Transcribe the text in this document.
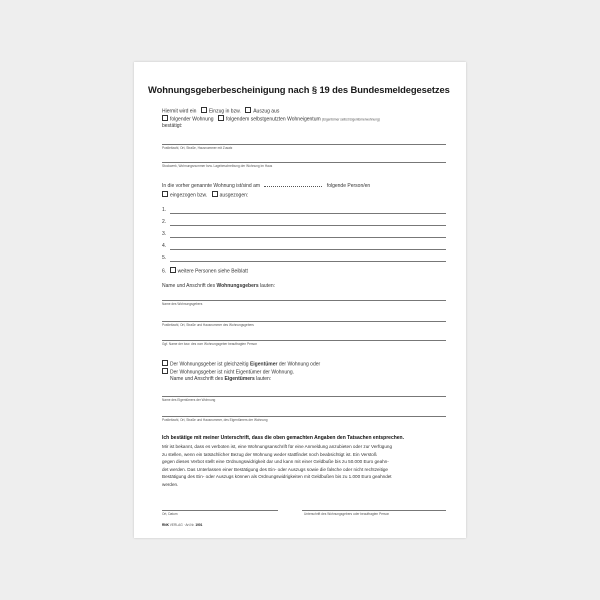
Wohnungsgeberbescheinigung nach § 19 des Bundesmeldegesetzes
Hiermit wird ein Einzug in bzw. Auszug aus
folgender Wohnung folgendem selbstgenutzten Wohneigentum (Eigentümer selbst Eigentümerwohnung)
bestätigt:
Postleitzahl, Ort, Straße, Hausnummer mit Zusatz
Stockwerk, Wohnungsnummer bzw. Lagebeschreibung der Wohnung im Haus
In die vorher genannte Wohnung ist/sind am	folgende Person/en
eingezogen bzw. ausgezogen:
1.
2.
3.
4.
5.
6. weitere Personen siehe Beiblatt
Name und Anschrift des Wohnungsgebers lauten:
Name des Wohnungsgebers
Postleitzahl, Ort, Straße und Hausnummer des Wohnungsgebers
Ggf. Name der bzw. des vom Wohnungsgeber beauftragten Person
Der Wohnungsgeber ist gleichzeitig Eigentümer der Wohnung oder
Der Wohnungsgeber ist nicht Eigentümer der Wohnung.
Name und Anschrift des Eigentümers lauten:
Name des Eigentümers der Wohnung
Postleitzahl, Ort, Straße und Hausnummer, des Eigentümers der Wohnung
Ich bestätige mit meiner Unterschrift, dass die oben gemachten Angaben den Tatsachen entsprechen.
Mir ist bekannt, dass es verboten ist, eine Wohnungsanschrift für eine Anmeldung anzubieten oder zur Verfügung
zu stellen, wenn ein tatsächlicher Bezug der Wohnung weder stattfindet noch beabsichtigt ist. Ein Verstoß
gegen dieses Verbot stellt eine Ordnungswidrigkeit dar und kann mit einer Geldbuße bis zu 50.000 Euro geahn-
det werden. Das Unterlassen einer Bestätigung des Ein- oder Auszugs sowie die falsche oder nicht rechtzeitige
Bestätigung des Ein- oder Auszugs können als Ordnungswidrigkeiten mit Geldbußen bis zu 1.000 Euro geahndet
werden.
Ort, Datum	Unterschrift des Wohnungsgebers oder beauftragten Person
RNK VERLAG · Art.Nr. 1901
